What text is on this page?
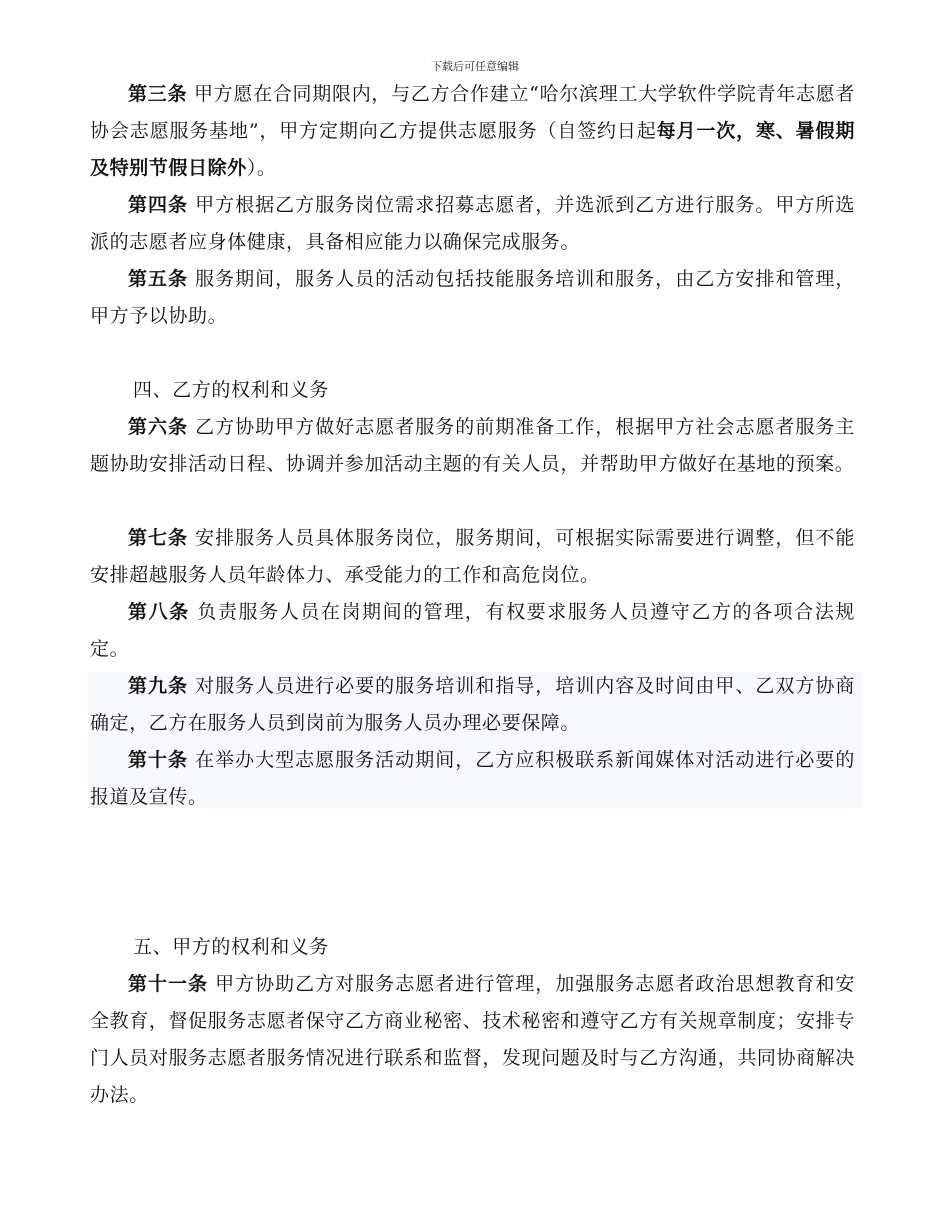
下载后可任意编辑

第三条 甲方愿在合同期限内，与乙方合作建立“哈尔滨理工大学软件学院青年志愿者协会志愿服务基地”，甲方定期向乙方提供志愿服务（自签约日起每月一次，寒、暑假期及特别节假日除外）。

第四条 甲方根据乙方服务岗位需求招募志愿者，并选派到乙方进行服务。甲方所选派的志愿者应身体健康，具备相应能力以确保完成服务。

第五条 服务期间，服务人员的活动包括技能服务培训和服务，由乙方安排和管理，甲方予以协助。

四、乙方的权利和义务

第六条 乙方协助甲方做好志愿者服务的前期准备工作，根据甲方社会志愿者服务主题协助安排活动日程、协调并参加活动主题的有关人员，并帮助甲方做好在基地的预案。

第七条 安排服务人员具体服务岗位，服务期间，可根据实际需要进行调整，但不能安排超越服务人员年龄体力、承受能力的工作和高危岗位。

第八条 负责服务人员在岗期间的管理，有权要求服务人员遵守乙方的各项合法规定。

第九条 对服务人员进行必要的服务培训和指导，培训内容及时间由甲、乙双方协商确定，乙方在服务人员到岗前为服务人员办理必要保障。

第十条 在举办大型志愿服务活动期间，乙方应积极联系新闻媒体对活动进行必要的报道及宣传。

五、甲方的权利和义务

第十一条 甲方协助乙方对服务志愿者进行管理，加强服务志愿者政治思想教育和安全教育，督促服务志愿者保守乙方商业秘密、技术秘密和遵守乙方有关规章制度；安排专门人员对服务志愿者服务情况进行联系和监督，发现问题及时与乙方沟通，共同协商解决办法。
